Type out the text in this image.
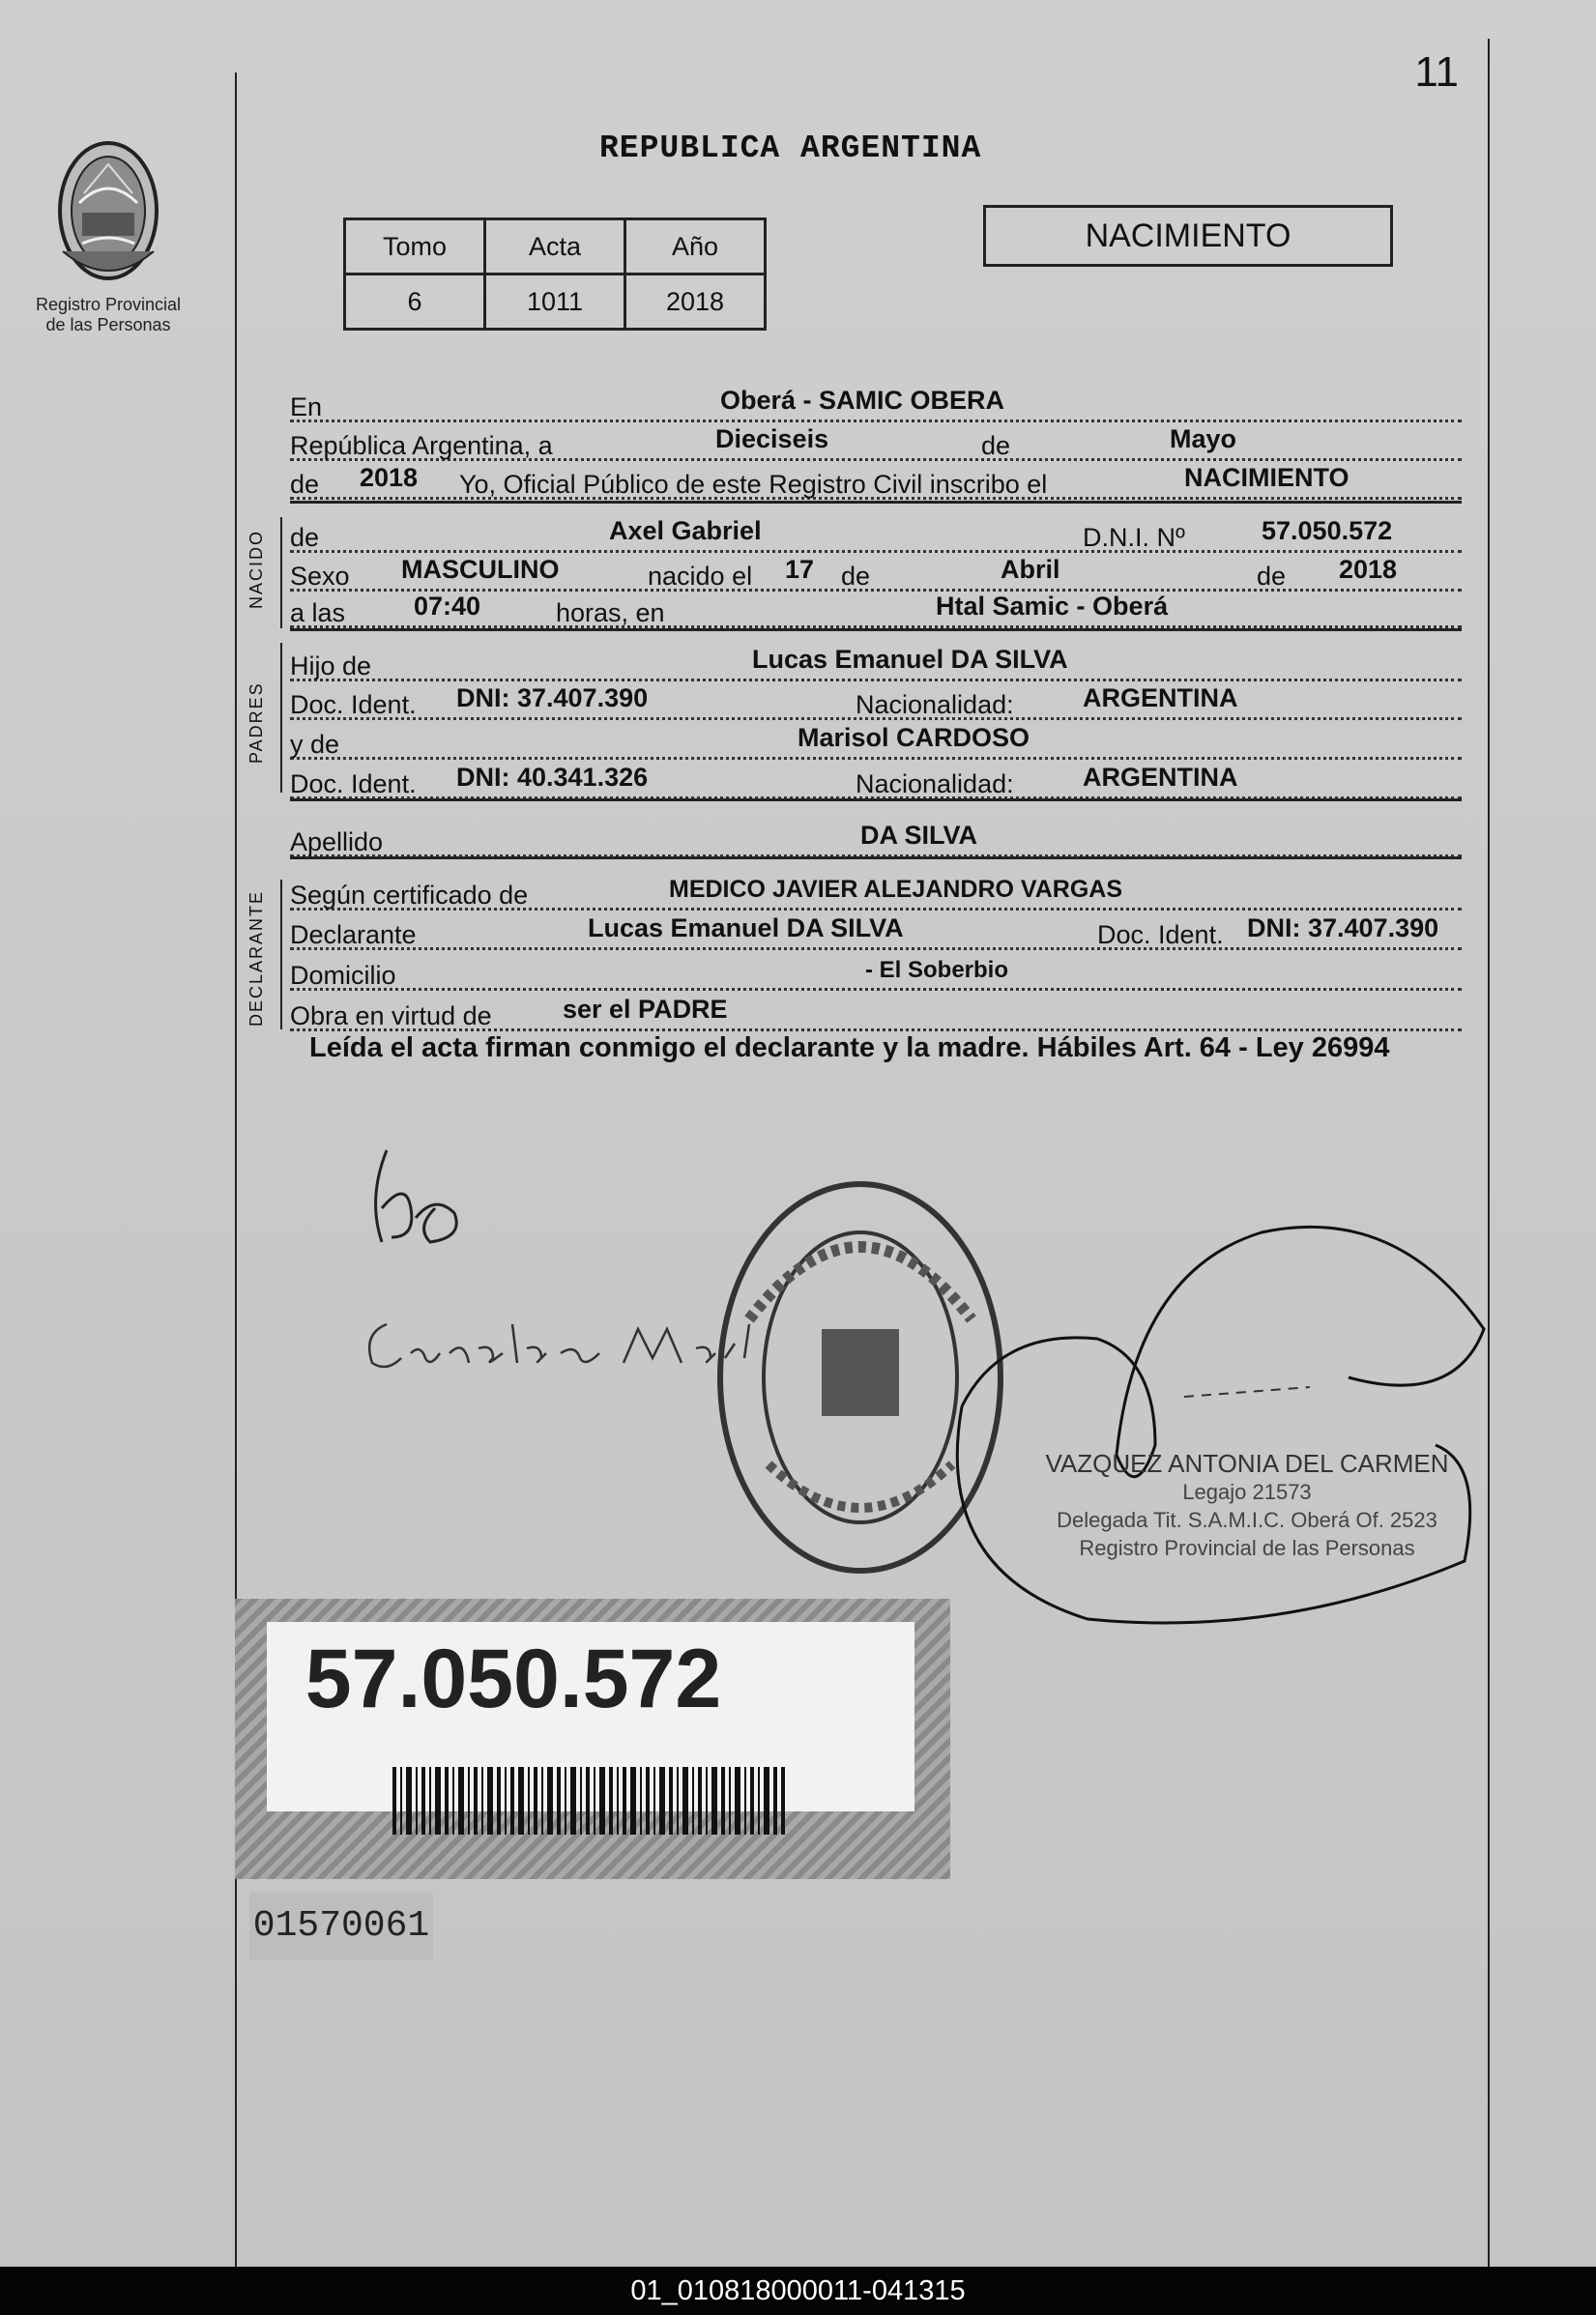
11
Registro Provincial
de las Personas
REPUBLICA ARGENTINA
Tomo	Acta	Año
6	1011	2018
NACIMIENTO
En	Oberá - SAMIC OBERA
República Argentina, a	Dieciseis	de	Mayo
de 2018 Yo, Oficial Público de este Registro Civil inscribo el	NACIMIENTO
NACIDO de	Axel Gabriel	D.N.I. Nº	57.050.572
Sexo MASCULINO	nacido el 17 de	Abril	de 2018
a las	07:40	horas, en	Htal Samic - Oberá
PADRES
Hijo de	Lucas Emanuel DA SILVA
Doc. Ident. DNI: 37.407.390	Nacionalidad:	ARGENTINA
y de	Marisol CARDOSO
Doc. Ident. DNI: 40.341.326	Nacionalidad:	ARGENTINA
Apellido	DA SILVA
DECLARANTE Según certificado de	MEDICO JAVIER ALEJANDRO VARGAS
Declarante	Lucas Emanuel DA SILVA	Doc. Ident. DNI: 37.407.390
Domicilio	- El Soberbio
Obra en virtud de	ser el PADRE
Leída el acta firman conmigo el declarante y la madre. Hábiles Art. 64 - Ley 26994
VAZQUEZ ANTONIA DEL CARMEN
Legajo 21573
Delegada Tit. S.A.M.I.C. Oberá Of. 2523
Registro Provincial de las Personas
57.050.572
01570061
01_010818000011-041315
